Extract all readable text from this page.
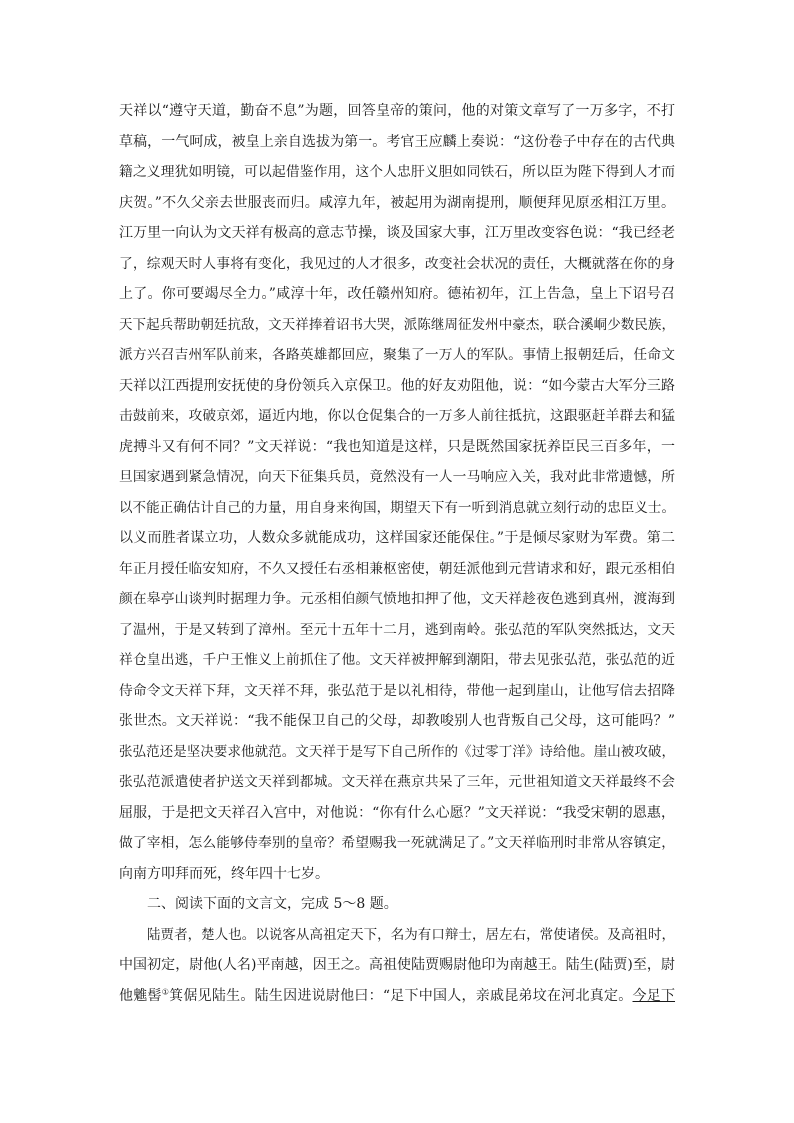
天祥以“遵守天道，勤奋不息”为题，回答皇帝的策问，他的对策文章写了一万多字，不打
草稿，一气呵成，被皇上亲自选拔为第一。考官王应麟上奏说：“这份卷子中存在的古代典
籍之义理犹如明镜，可以起借鉴作用，这个人忠肝义胆如同铁石，所以臣为陛下得到人才而
庆贺。”不久父亲去世服丧而归。咸淳九年，被起用为湖南提刑，顺便拜见原丞相江万里。
江万里一向认为文天祥有极高的意志节操，谈及国家大事，江万里改变容色说：“我已经老
了，综观天时人事将有变化，我见过的人才很多，改变社会状况的责任，大概就落在你的身
上了。你可要竭尽全力。”咸淳十年，改任赣州知府。德祐初年，江上告急，皇上下诏号召
天下起兵帮助朝廷抗敌，文天祥捧着诏书大哭，派陈继周征发州中豪杰，联合溪峒少数民族，
派方兴召吉州军队前来，各路英雄都回应，聚集了一万人的军队。事情上报朝廷后，任命文
天祥以江西提刑安抚使的身份领兵入京保卫。他的好友劝阻他，说：“如今蒙古大军分三路
击鼓前来，攻破京郊，逼近内地，你以仓促集合的一万多人前往抵抗，这跟驱赶羊群去和猛
虎搏斗又有何不同？”文天祥说：“我也知道是这样，只是既然国家抚养臣民三百多年，一
旦国家遇到紧急情况，向天下征集兵员，竟然没有一人一马响应入关，我对此非常遗憾，所
以不能正确估计自己的力量，用自身来徇国，期望天下有一听到消息就立刻行动的忠臣义士。
以义而胜者谋立功，人数众多就能成功，这样国家还能保住。”于是倾尽家财为军费。第二
年正月授任临安知府，不久又授任右丞相兼枢密使，朝廷派他到元营请求和好，跟元丞相伯
颜在皋亭山谈判时据理力争。元丞相伯颜气愤地扣押了他，文天祥趁夜色逃到真州，渡海到
了温州，于是又转到了漳州。至元十五年十二月，逃到南岭。张弘范的军队突然抵达，文天
祥仓皇出逃，千户王惟义上前抓住了他。文天祥被押解到潮阳，带去见张弘范，张弘范的近
侍命令文天祥下拜，文天祥不拜，张弘范于是以礼相待，带他一起到崖山，让他写信去招降
张世杰。文天祥说：“我不能保卫自己的父母，却教唆别人也背叛自己父母，这可能吗？”
张弘范还是坚决要求他就范。文天祥于是写下自己所作的《过零丁洋》诗给他。崖山被攻破，
张弘范派遣使者护送文天祥到都城。文天祥在燕京共呆了三年，元世祖知道文天祥最终不会
屈服，于是把文天祥召入宫中，对他说：“你有什么心愿？”文天祥说：“我受宋朝的恩惠，
做了宰相，怎么能够侍奉别的皇帝？希望赐我一死就满足了。”文天祥临刑时非常从容镇定，
向南方叩拜而死，终年四十七岁。
二、阅读下面的文言文，完成 5～8 题。
陆贾者，楚人也。以说客从高祖定天下，名为有口辩士，居左右，常使诸侯。及高祖时，
中国初定，尉他(人名)平南越，因王之。高祖使陆贾赐尉他印为南越王。陆生(陆贾)至，尉
他魋髻①箕倨见陆生。陆生因进说尉他曰：“足下中国人，亲戚昆弟坟在河北真定。今足下
